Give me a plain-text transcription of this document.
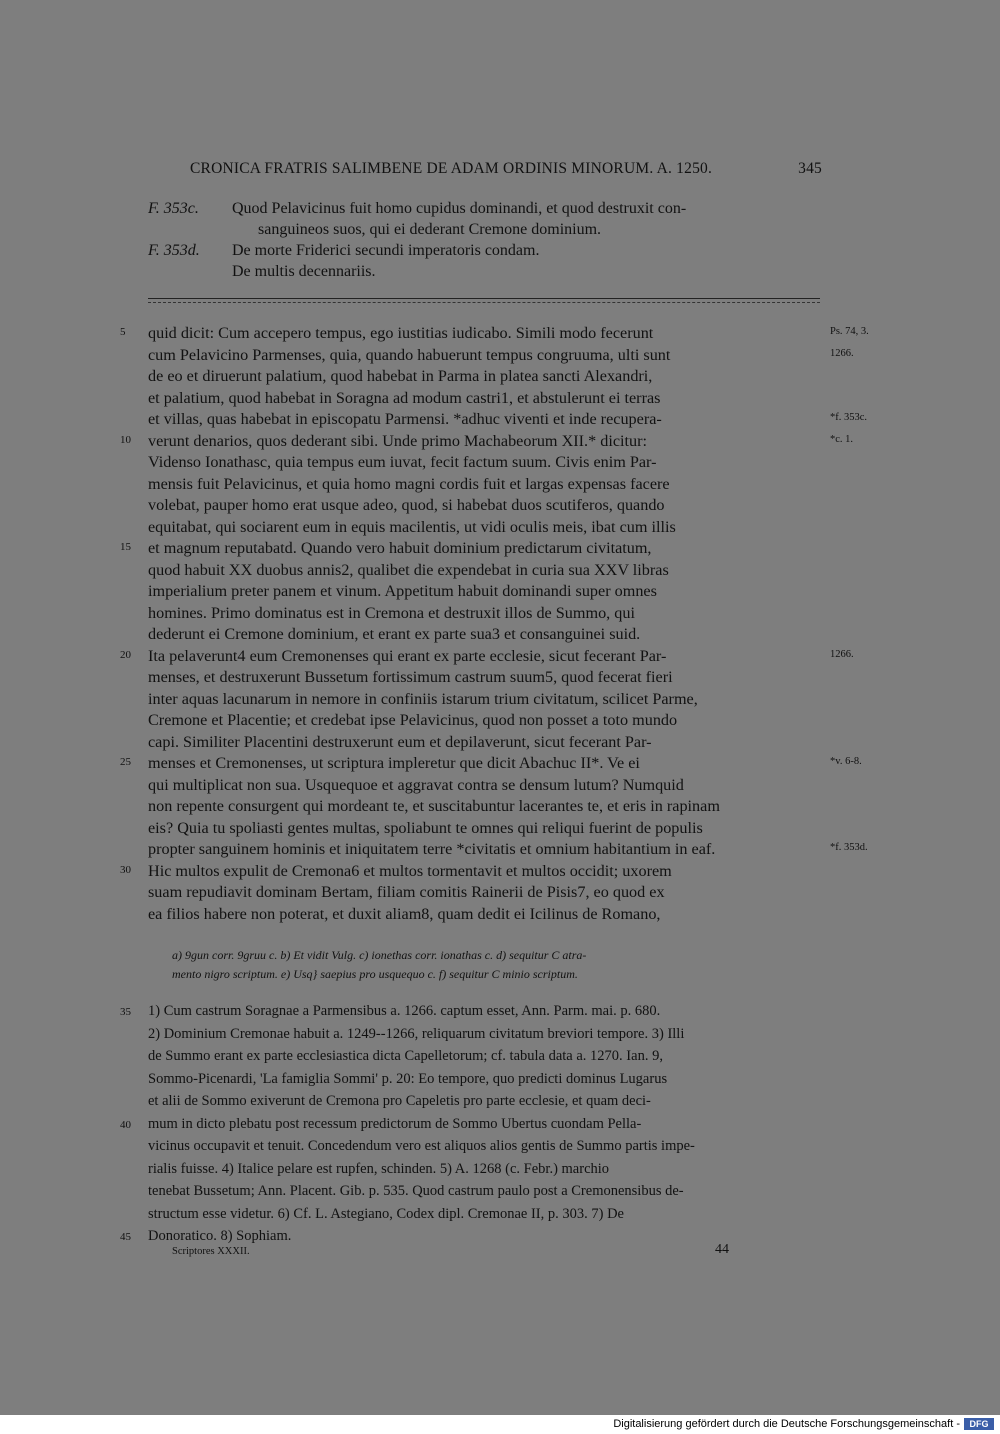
CRONICA FRATRIS SALIMBENE DE ADAM ORDINIS MINORUM. A. 1250.	345
F. 353c. Quod Pelavicinus fuit homo cupidus dominandi, et quod destruxit con-
sanguineos suos, qui ei dederant Cremone dominium.
F. 353d. De morte Friderici secundi imperatoris condam.
De multis decennariis.
quid dicit: Cum accepero tempus, ego iustitias iudicabo. Simili modo fecerunt
5	Ps. 74, 3.
cum Pelavicino Parmenses, quia, quando habuerunt tempus congruuma, ulti sunt	1266.
de eo et diruerunt palatium, quod habebat in Parma in platea sancti Alexandri,
et palatium, quod habebat in Soragna ad modum castri1, et abstulerunt ei terras
et villas, quas habebat in episcopatu Parmensi. *adhuc viventi et inde recupera-	*f. 353c.
verunt denarios, quos dederant sibi. Unde primo Machabeorum XII.* dicitur:
10	*c. 1.
Videnso Ionathasc, quia tempus eum iuvat, fecit factum suum. Civis enim Par-
mensis fuit Pelavicinus, et quia homo magni cordis fuit et largas expensas facere
volebat, pauper homo erat usque adeo, quod, si habebat duos scutiferos, quando
equitabat, qui sociarent eum in equis macilentis, ut vidi oculis meis, ibat cum illis
et magnum reputabatd. Quando vero habuit dominium predictarum civitatum,
15
quod habuit XX duobus annis2, qualibet die expendebat in curia sua XXV libras
imperialium preter panem et vinum. Appetitum habuit dominandi super omnes
homines. Primo dominatus est in Cremona et destruxit illos de Summo, qui
dederunt ei Cremone dominium, et erant ex parte sua3 et consanguinei suid.
Ita pelaverunt4 eum Cremonenses qui erant ex parte ecclesie, sicut fecerant Par-
20	1266.
menses, et destruxerunt Bussetum fortissimum castrum suum5, quod fecerat fieri
inter aquas lacunarum in nemore in confiniis istarum trium civitatum, scilicet Parme,
Cremone et Placentie; et credebat ipse Pelavicinus, quod non posset a toto mundo
capi. Similiter Placentini destruxerunt eum et depilaverunt, sicut fecerant Par-
menses et Cremonenses, ut scriptura impleretur que dicit Abachuc II*. Ve ei
25	*v. 6-8.
qui multiplicat non sua. Usquequoe et aggravat contra se densum lutum? Numquid
non repente consurgent qui mordeant te, et suscitabuntur lacerantes te, et eris in rapinam
eis? Quia tu spoliasti gentes multas, spoliabunt te omnes qui reliqui fuerint de populis
propter sanguinem hominis et iniquitatem terre *civitatis et omnium habitantium in eaf.	*f. 353d.
Hic multos expulit de Cremona6 et multos tormentavit et multos occidit; uxorem
30
suam repudiavit dominam Bertam, filiam comitis Rainerii de Pisis7, eo quod ex
ea filios habere non poterat, et duxit aliam8, quam dedit ei Icilinus de Romano,
a) 9gun corr. 9gruu c. b) Et vidit Vulg. c) ionethas corr. ionathas c. d) sequitur C atra-
mento nigro scriptum. e) Usq} saepius pro usquequo c. f) sequitur C minio scriptum.
1) Cum castrum Soragnae a Parmensibus a. 1266. captum esset, Ann. Parm. mai. p. 680.
35
2) Dominium Cremonae habuit a. 1249--1266, reliquarum civitatum breviori tempore. 3) Illi
de Summo erant ex parte ecclesiastica dicta Capelletorum; cf. tabula data a. 1270. Ian. 9,
Sommo-Picenardi, 'La famiglia Sommi' p. 20: Eo tempore, quo predicti dominus Lugarus
et alii de Sommo exiverunt de Cremona pro Capeletis pro parte ecclesie, et quam deci-
mum in dicto plebatu post recessum predictorum de Sommo Ubertus cuondam Pella-
40
vicinus occupavit et tenuit. Concedendum vero est aliquos alios gentis de Summo partis impe-
rialis fuisse. 4) Italice pelare est rupfen, schinden. 5) A. 1268 (c. Febr.) marchio
tenebat Bussetum; Ann. Placent. Gib. p. 535. Quod castrum paulo post a Cremonensibus de-
structum esse videtur. 6) Cf. L. Astegiano, Codex dipl. Cremonae II, p. 303. 7) De
Donoratico. 8) Sophiam.
45
Scriptores XXXII.	44
Digitalisierung gefördert durch die Deutsche Forschungsgemeinschaft -	DFG
